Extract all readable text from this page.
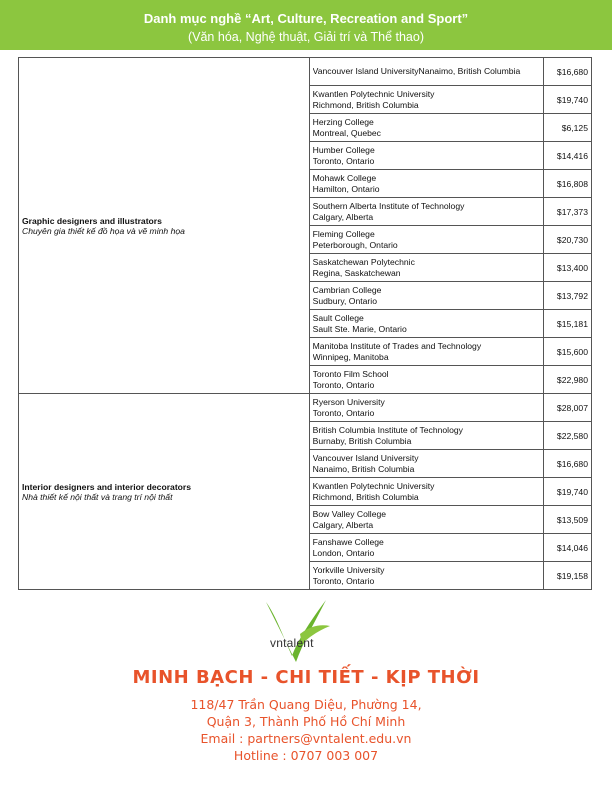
Danh mục nghề “Art, Culture, Recreation and Sport”
(Văn hóa, Nghệ thuật, Giải trí và Thể thao)
Graphic designers and illustrators
Chuyên gia thiết kế đồ họa và vẽ minh họa	Vancouver Island UniversityNanaimo, British Columbia	$16,680

	Kwantlen Polytechnic University
Richmond, British Columbia	$19,740

	Herzing College
Montreal, Quebec	$6,125

	Humber College
Toronto, Ontario	$14,416

	Mohawk College
Hamilton, Ontario	$16,808

	Southern Alberta Institute of Technology
Calgary, Alberta	$17,373

	Fleming College
Peterborough, Ontario	$20,730

	Saskatchewan Polytechnic
Regina, Saskatchewan	$13,400

	Cambrian College
Sudbury, Ontario	$13,792

	Sault College
Sault Ste. Marie, Ontario	$15,181

	Manitoba Institute of Trades and Technology
Winnipeg, Manitoba	$15,600

	Toronto Film School
Toronto, Ontario	$22,980

Interior designers and interior decorators
Nhà thiết kế nội thất và trang trí nội thất	Ryerson University
Toronto, Ontario	$28,007

	British Columbia Institute of Technology
Burnaby, British Columbia	$22,580

	Vancouver Island University
Nanaimo, British Columbia	$16,680

	Kwantlen Polytechnic University
Richmond, British Columbia	$19,740

	Bow Valley College
Calgary, Alberta	$13,509

	Fanshawe College
London, Ontario	$14,046

	Yorkville University
Toronto, Ontario	$19,158
vntalent
MINH BẠCH - CHI TIẾT - KỊP THỜI
118/47 Trần Quang Diệu, Phường 14,
Quận 3, Thành Phố Hồ Chí Minh
Email : partners@vntalent.edu.vn
Hotline : 0707 003 007
